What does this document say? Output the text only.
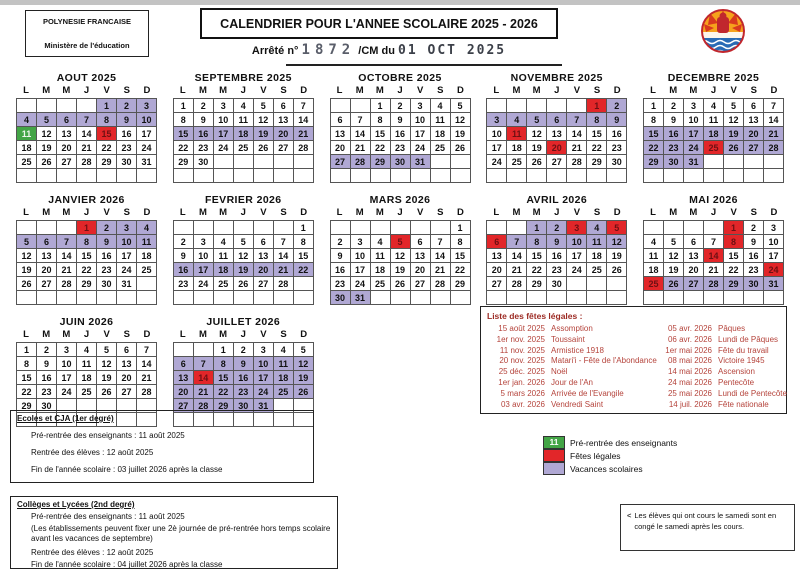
POLYNESIE FRANCAISE
Ministère de l'éducation
CALENDRIER POUR L'ANNEE SCOLAIRE 2025 - 2026
Arrêté n° 1872 /CM du 01 OCT 2025
AOUT 2025
L	M	M	J	V	S	D
				1	2	3
4	5	6	7	8	9	10
11	12	13	14	15	16	17
18	19	20	21	22	23	24
25	26	27	28	29	30	31

SEPTEMBRE 2025
L	M	M	J	V	S	D
1	2	3	4	5	6	7
8	9	10	11	12	13	14
15	16	17	18	19	20	21
22	23	24	25	26	27	28
29	30					

OCTOBRE 2025
L	M	M	J	V	S	D
		1	2	3	4	5
6	7	8	9	10	11	12
13	14	15	16	17	18	19
20	21	22	23	24	25	26
27	28	29	30	31		

NOVEMBRE 2025
L	M	M	J	V	S	D
					1	2
3	4	5	6	7	8	9
10	11	12	13	14	15	16
17	18	19	20	21	22	23
24	25	26	27	28	29	30

DECEMBRE 2025
L	M	M	J	V	S	D
1	2	3	4	5	6	7
8	9	10	11	12	13	14
15	16	17	18	19	20	21
22	23	24	25	26	27	28
29	30	31				

JANVIER 2026
L	M	M	J	V	S	D
			1	2	3	4
5	6	7	8	9	10	11
12	13	14	15	16	17	18
19	20	21	22	23	24	25
26	27	28	29	30	31	

FEVRIER 2026
L	M	M	J	V	S	D
						1
2	3	4	5	6	7	8
9	10	11	12	13	14	15
16	17	18	19	20	21	22
23	24	25	26	27	28	

MARS 2026
L	M	M	J	V	S	D
						1
2	3	4	5	6	7	8
9	10	11	12	13	14	15
16	17	18	19	20	21	22
23	24	25	26	27	28	29
30	31					
AVRIL 2026
L	M	M	J	V	S	D
		1	2	3	4	5
6	7	8	9	10	11	12
13	14	15	16	17	18	19
20	21	22	23	24	25	26
27	28	29	30			

MAI 2026
L	M	M	J	V	S	D
				1	2	3
4	5	6	7	8	9	10
11	12	13	14	15	16	17
18	19	20	21	22	23	24
25	26	27	28	29	30	31

JUIN 2026
L	M	M	J	V	S	D
1	2	3	4	5	6	7
8	9	10	11	12	13	14
15	16	17	18	19	20	21
22	23	24	25	26	27	28
29	30					

JUILLET 2026
L	M	M	J	V	S	D
		1	2	3	4	5
6	7	8	9	10	11	12
13	14	15	16	17	18	19
20	21	22	23	24	25	26
27	28	29	30	31		

Liste des fêtes légales :
15 août 2025 Assomption
1er nov. 2025 Toussaint
11 nov. 2025 Armistice 1918
20 nov. 2025 Matari'i - Fête de l'Abondance
25 déc. 2025 Noël
1er jan. 2026 Jour de l'An
5 mars 2026 Arrivée de l'Evangile
03 avr. 2026 Vendredi Saint
05 avr. 2026 Pâques
06 avr. 2026 Lundi de Pâques
1er mai 2026 Fête du travail
08 mai 2026 Victoire 1945
14 mai 2026 Ascension
24 mai 2026 Pentecôte
25 mai 2026 Lundi de Pentecôte
14 juil. 2026 Fête nationale
11	Pré-rentrée des enseignants
Fêtes légales
Vacances scolaires
Ecoles et CJA (1er degré)
Pré-rentrée des enseignants : 11 août 2025
Rentrée des élèves : 12 août 2025
Fin de l'année scolaire : 03 juillet 2026 après la classe
Collèges et Lycées (2nd degré)
Pré-rentrée des enseignants : 11 août 2025
(Les établissements peuvent fixer une 2è journée de pré-rentrée hors temps scolaire avant les vacances de septembre)
Rentrée des élèves : 12 août 2025
Fin de l'année scolaire : 04 juillet 2026 après la classe
< Les élèves qui ont cours le samedi sont en congé le samedi après les cours.
